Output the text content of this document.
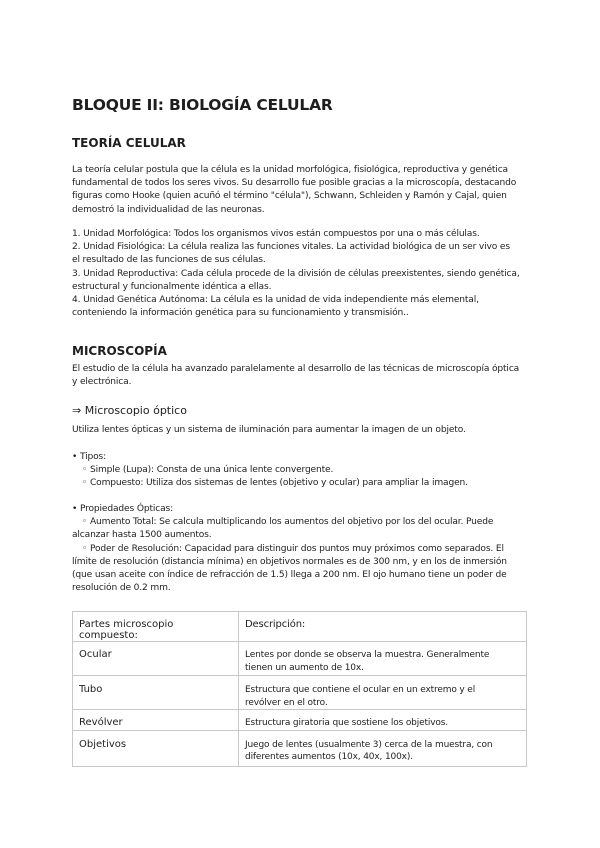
BLOQUE II: BIOLOGÍA CELULAR
TEORÍA CELULAR
La teoría celular postula que la célula es la unidad morfológica, fisiológica, reproductiva y genética
fundamental de todos los seres vivos. Su desarrollo fue posible gracias a la microscopía, destacando
figuras como Hooke (quien acuñó el término "célula"), Schwann, Schleiden y Ramón y Cajal, quien
demostró la individualidad de las neuronas.
1. Unidad Morfológica: Todos los organismos vivos están compuestos por una o más células.
2. Unidad Fisiológica: La célula realiza las funciones vitales. La actividad biológica de un ser vivo es
el resultado de las funciones de sus células.
3. Unidad Reproductiva: Cada célula procede de la división de células preexistentes, siendo genética,
estructural y funcionalmente idéntica a ellas.
4. Unidad Genética Autónoma: La célula es la unidad de vida independiente más elemental,
conteniendo la información genética para su funcionamiento y transmisión..
MICROSCOPÍA
El estudio de la célula ha avanzado paralelamente al desarrollo de las técnicas de microscopía óptica
y electrónica.
⇒ Microscopio óptico
Utiliza lentes ópticas y un sistema de iluminación para aumentar la imagen de un objeto.
• Tipos:
◦ Simple (Lupa): Consta de una única lente convergente.
◦ Compuesto: Utiliza dos sistemas de lentes (objetivo y ocular) para ampliar la imagen.
• Propiedades Ópticas:
◦ Aumento Total: Se calcula multiplicando los aumentos del objetivo por los del ocular. Puede
alcanzar hasta 1500 aumentos.
◦ Poder de Resolución: Capacidad para distinguir dos puntos muy próximos como separados. El
límite de resolución (distancia mínima) en objetivos normales es de 300 nm, y en los de inmersión
(que usan aceite con índice de refracción de 1.5) llega a 200 nm. El ojo humano tiene un poder de
resolución de 0.2 mm.
Partes microscopio compuesto:	Descripción:
Ocular	Lentes por donde se observa la muestra. Generalmente
tienen un aumento de 10x.

Tubo	Estructura que contiene el ocular en un extremo y el
revólver en el otro.

Revólver	Estructura giratoria que sostiene los objetivos.

Objetivos	Juego de lentes (usualmente 3) cerca de la muestra, con
diferentes aumentos (10x, 40x, 100x).
